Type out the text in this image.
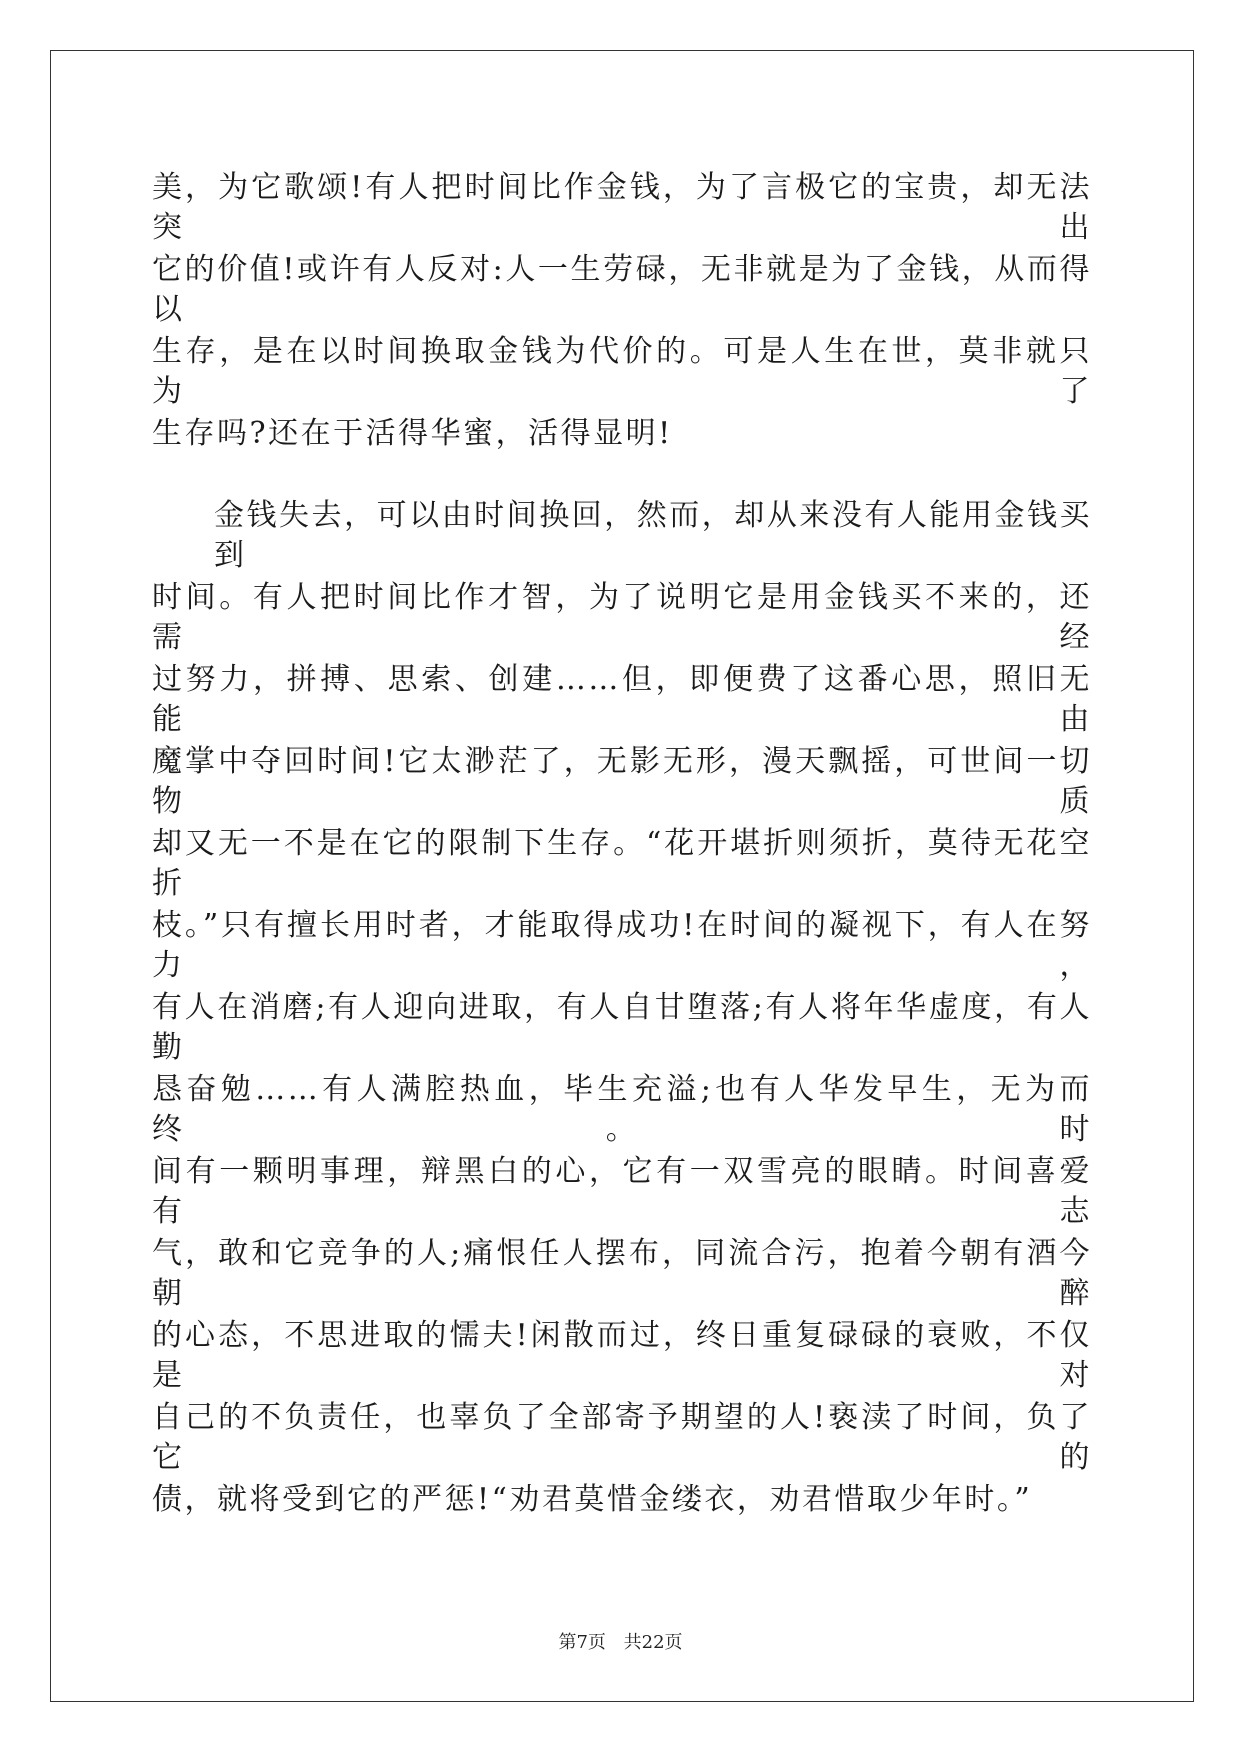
美，为它歌颂!有人把时间比作金钱，为了言极它的宝贵，却无法突出
它的价值!或许有人反对:人一生劳碌，无非就是为了金钱，从而得以
生存，是在以时间换取金钱为代价的。可是人生在世，莫非就只为了
生存吗?还在于活得华蜜，活得显明!
金钱失去，可以由时间换回，然而，却从来没有人能用金钱买到
时间。有人把时间比作才智，为了说明它是用金钱买不来的，还需经
过努力，拼搏、思索、创建……但，即便费了这番心思，照旧无能由
魔掌中夺回时间!它太渺茫了，无影无形，漫天飘摇，可世间一切物质
却又无一不是在它的限制下生存。“花开堪折则须折，莫待无花空折
枝。”只有擅长用时者，才能取得成功!在时间的凝视下，有人在努力，
有人在消磨;有人迎向进取，有人自甘堕落;有人将年华虚度，有人勤
恳奋勉……有人满腔热血，毕生充溢;也有人华发早生，无为而终。时
间有一颗明事理，辩黑白的心，它有一双雪亮的眼睛。时间喜爱有志
气，敢和它竞争的人;痛恨任人摆布，同流合污，抱着今朝有酒今朝醉
的心态，不思进取的懦夫!闲散而过，终日重复碌碌的衰败，不仅是对
自己的不负责任，也辜负了全部寄予期望的人!亵渎了时间，负了它的
债，就将受到它的严惩!“劝君莫惜金缕衣，劝君惜取少年时。”
第7页 共22页
